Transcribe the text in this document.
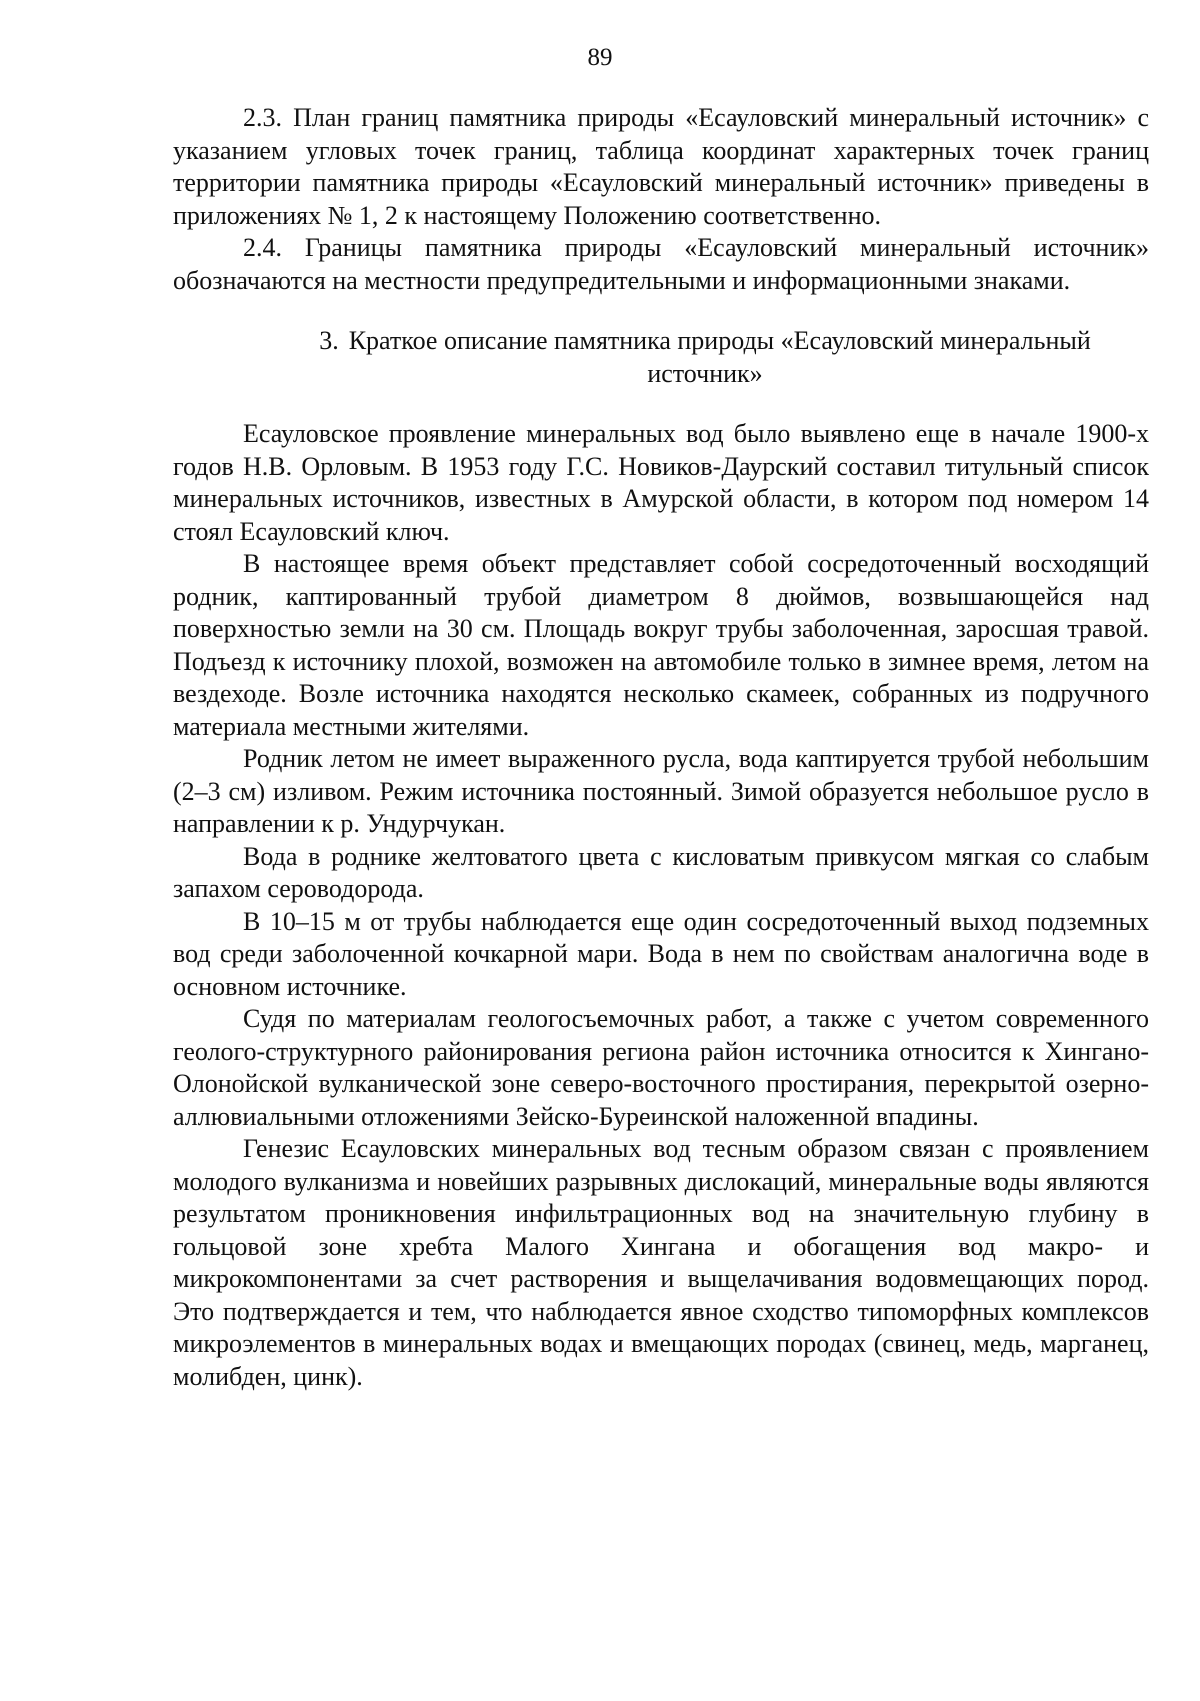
89

2.3. План границ памятника природы «Есауловский минеральный источник» с указанием угловых точек границ, таблица координат характерных точек границ территории памятника природы «Есауловский минеральный источник» приведены в приложениях № 1, 2 к настоящему Положению соответственно.

2.4. Границы памятника природы «Есауловский минеральный источник» обозначаются на местности предупредительными и информационными знаками.

3. Краткое описание памятника природы «Есауловский минеральный источник»

Есауловское проявление минеральных вод было выявлено еще в начале 1900-х годов Н.В. Орловым. В 1953 году Г.С. Новиков-Даурский составил титульный список минеральных источников, известных в Амурской области, в котором под номером 14 стоял Есауловский ключ.

В настоящее время объект представляет собой сосредоточенный восходящий родник, каптированный трубой диаметром 8 дюймов, возвышающейся над поверхностью земли на 30 см. Площадь вокруг трубы заболоченная, заросшая травой. Подъезд к источнику плохой, возможен на автомобиле только в зимнее время, летом на вездеходе. Возле источника находятся несколько скамеек, собранных из подручного материала местными жителями.

Родник летом не имеет выраженного русла, вода каптируется трубой небольшим (2–3 см) изливом. Режим источника постоянный. Зимой образуется небольшое русло в направлении к р. Ундурчукан.

Вода в роднике желтоватого цвета с кисловатым привкусом мягкая со слабым запахом сероводорода.

В 10–15 м от трубы наблюдается еще один сосредоточенный выход подземных вод среди заболоченной кочкарной мари. Вода в нем по свойствам аналогична воде в основном источнике.

Судя по материалам геологосъемочных работ, а также с учетом современного геолого-структурного районирования региона район источника относится к Хингано-Олонойской вулканической зоне северо-восточного простирания, перекрытой озерно-аллювиальными отложениями Зейско-Буреинской наложенной впадины.

Генезис Есауловских минеральных вод тесным образом связан с проявлением молодого вулканизма и новейших разрывных дислокаций, минеральные воды являются результатом проникновения инфильтрационных вод на значительную глубину в гольцовой зоне хребта Малого Хингана и обогащения вод макро- и микрокомпонентами за счет растворения и выщелачивания водовмещающих пород. Это подтверждается и тем, что наблюдается явное сходство типоморфных комплексов микроэлементов в минеральных водах и вмещающих породах (свинец, медь, марганец, молибден, цинк).
